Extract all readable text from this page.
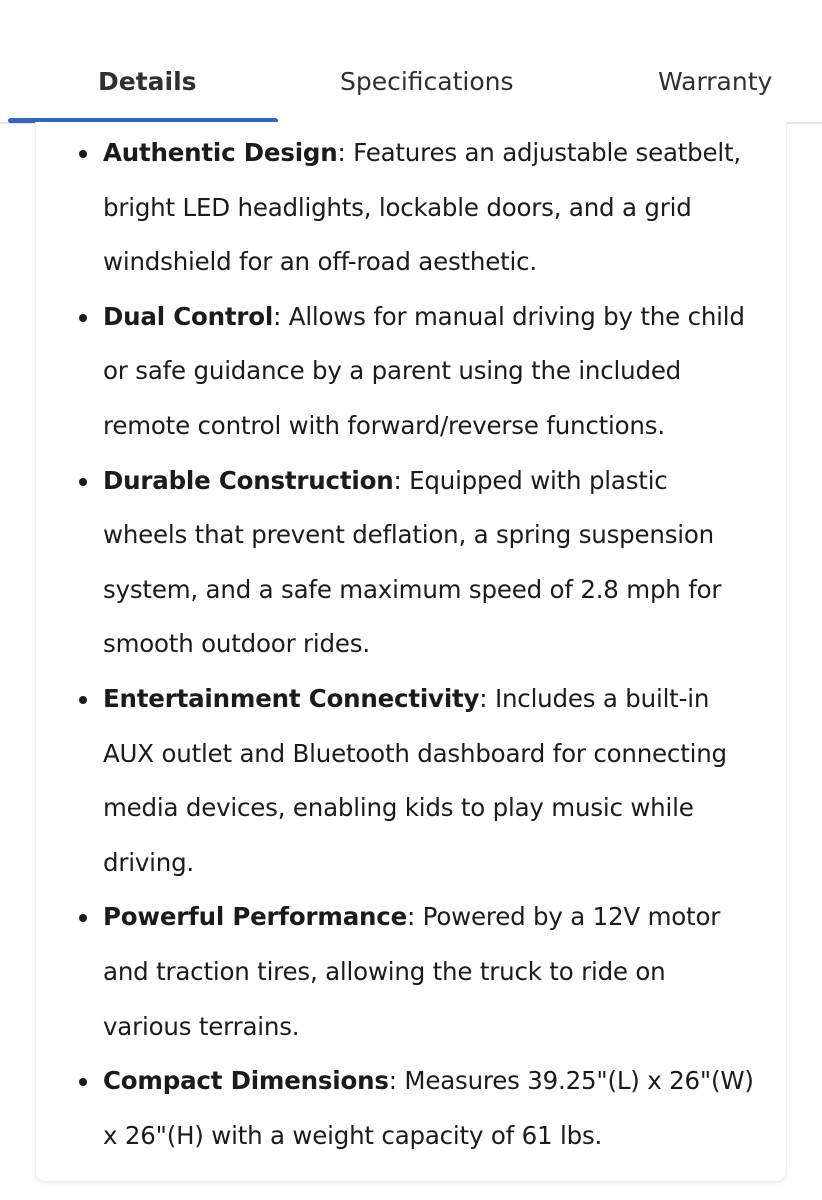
Details	Specifications	Warranty
Authentic Design: Features an adjustable seatbelt, bright LED headlights, lockable doors, and a grid windshield for an off-road aesthetic.
Dual Control: Allows for manual driving by the child or safe guidance by a parent using the included remote control with forward/reverse functions.
Durable Construction: Equipped with plastic wheels that prevent deflation, a spring suspension system, and a safe maximum speed of 2.8 mph for smooth outdoor rides.
Entertainment Connectivity: Includes a built-in AUX outlet and Bluetooth dashboard for connecting media devices, enabling kids to play music while driving.
Powerful Performance: Powered by a 12V motor and traction tires, allowing the truck to ride on various terrains.
Compact Dimensions: Measures 39.25"(L) x 26"(W) x 26"(H) with a weight capacity of 61 lbs.
